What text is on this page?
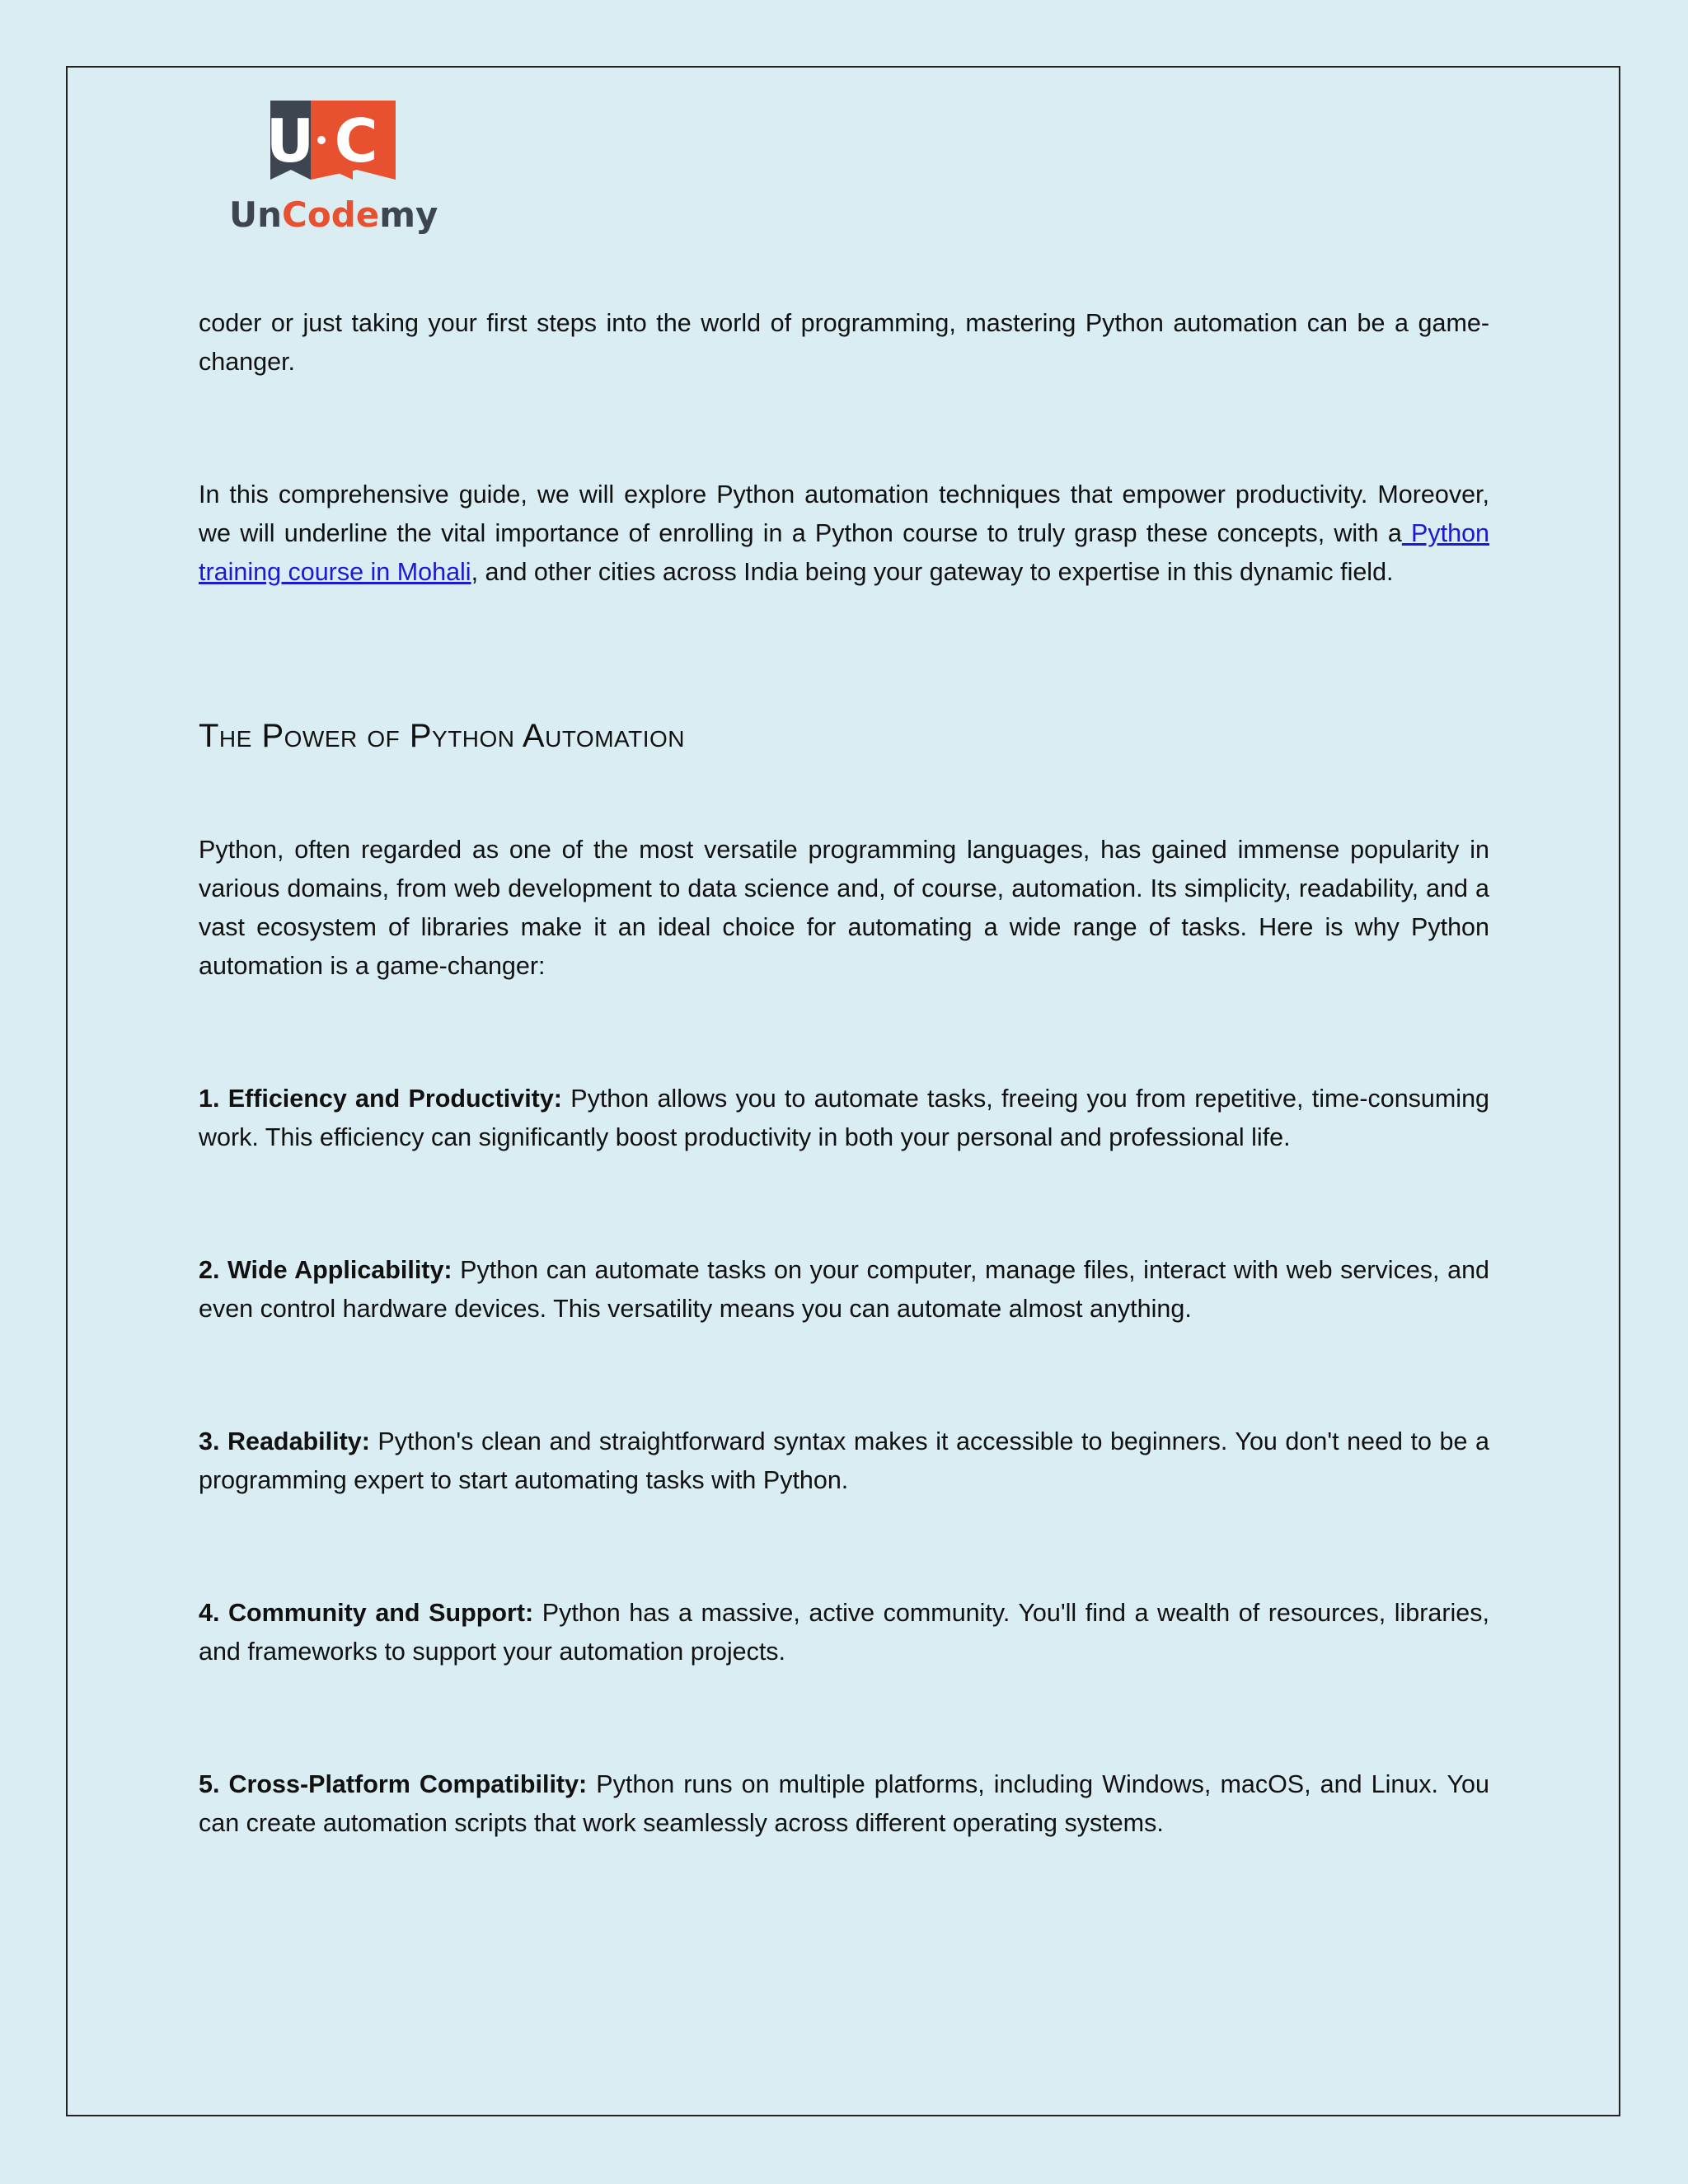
U C
UnCodemy

coder or just taking your first steps into the world of programming, mastering Python automation can be a game-changer.

In this comprehensive guide, we will explore Python automation techniques that empower productivity. Moreover, we will underline the vital importance of enrolling in a Python course to truly grasp these concepts, with a Python training course in Mohali, and other cities across India being your gateway to expertise in this dynamic field.

The Power of Python Automation

Python, often regarded as one of the most versatile programming languages, has gained immense popularity in various domains, from web development to data science and, of course, automation. Its simplicity, readability, and a vast ecosystem of libraries make it an ideal choice for automating a wide range of tasks. Here is why Python automation is a game-changer:

1. Efficiency and Productivity: Python allows you to automate tasks, freeing you from repetitive, time-consuming work. This efficiency can significantly boost productivity in both your personal and professional life.

2. Wide Applicability: Python can automate tasks on your computer, manage files, interact with web services, and even control hardware devices. This versatility means you can automate almost anything.

3. Readability: Python's clean and straightforward syntax makes it accessible to beginners. You don't need to be a programming expert to start automating tasks with Python.

4. Community and Support: Python has a massive, active community. You'll find a wealth of resources, libraries, and frameworks to support your automation projects.

5. Cross-Platform Compatibility: Python runs on multiple platforms, including Windows, macOS, and Linux. You can create automation scripts that work seamlessly across different operating systems.
